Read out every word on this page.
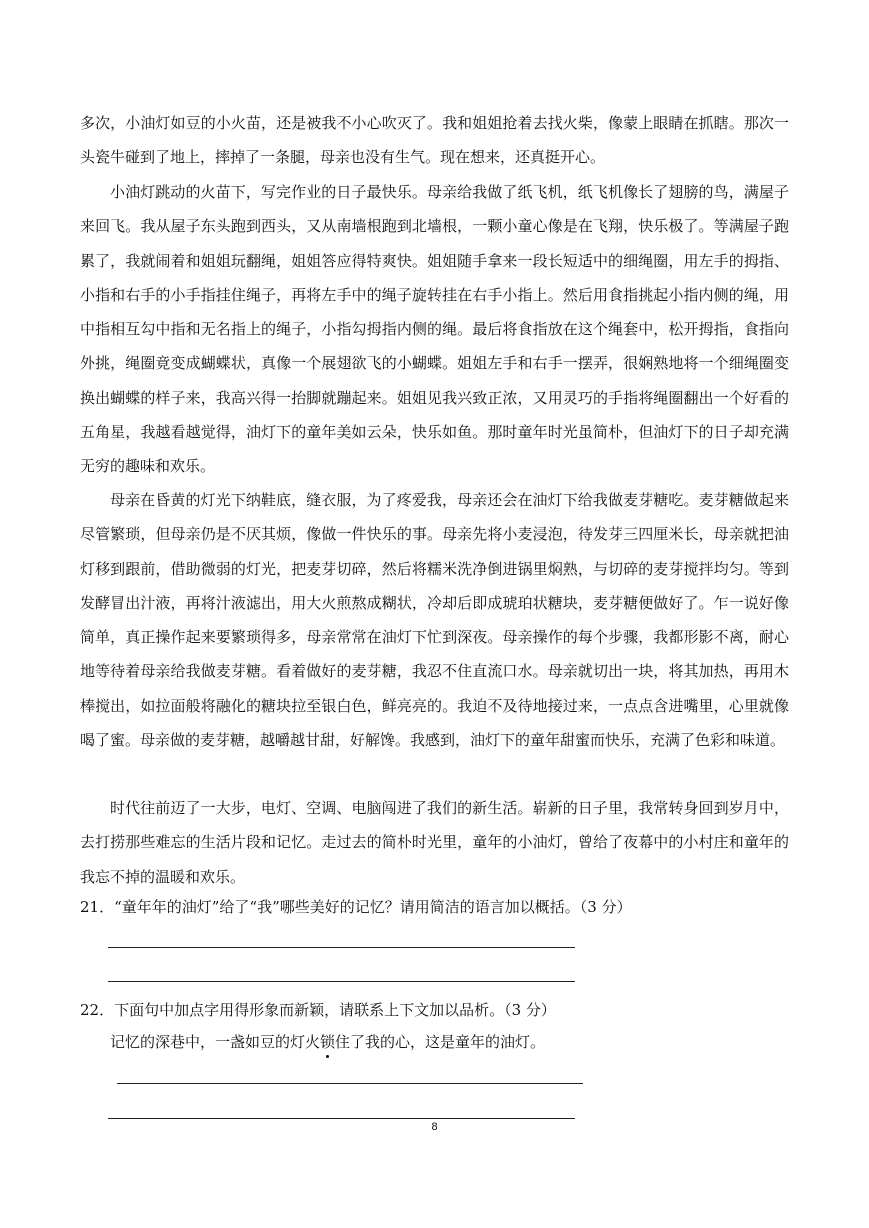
多次，小油灯如豆的小火苗，还是被我不小心吹灭了。我和姐姐抢着去找火柴，像蒙上眼睛在抓瞎。那次一头瓷牛碰到了地上，摔掉了一条腿，母亲也没有生气。现在想来，还真挺开心。

小油灯跳动的火苗下，写完作业的日子最快乐。母亲给我做了纸飞机，纸飞机像长了翅膀的鸟，满屋子来回飞。我从屋子东头跑到西头，又从南墙根跑到北墙根，一颗小童心像是在飞翔，快乐极了。等满屋子跑累了，我就闹着和姐姐玩翻绳，姐姐答应得特爽快。姐姐随手拿来一段长短适中的细绳圈，用左手的拇指、小指和右手的小手指挂住绳子，再将左手中的绳子旋转挂在右手小指上。然后用食指挑起小指内侧的绳，用中指相互勾中指和无名指上的绳子，小指勾拇指内侧的绳。最后将食指放在这个绳套中，松开拇指，食指向外挑，绳圈竟变成蝴蝶状，真像一个展翅欲飞的小蝴蝶。姐姐左手和右手一摆弄，很娴熟地将一个细绳圈变换出蝴蝶的样子来，我高兴得一抬脚就蹦起来。姐姐见我兴致正浓，又用灵巧的手指将绳圈翻出一个好看的五角星，我越看越觉得，油灯下的童年美如云朵，快乐如鱼。那时童年时光虽简朴，但油灯下的日子却充满无穷的趣味和欢乐。

母亲在昏黄的灯光下纳鞋底，缝衣服，为了疼爱我，母亲还会在油灯下给我做麦芽糖吃。麦芽糖做起来尽管繁琐，但母亲仍是不厌其烦，像做一件快乐的事。母亲先将小麦浸泡，待发芽三四厘米长，母亲就把油灯移到跟前，借助微弱的灯光，把麦芽切碎，然后将糯米洗净倒进锅里焖熟，与切碎的麦芽搅拌均匀。等到发酵冒出汁液，再将汁液滤出，用大火煎熬成糊状，冷却后即成琥珀状糖块，麦芽糖便做好了。乍一说好像简单，真正操作起来要繁琐得多，母亲常常在油灯下忙到深夜。母亲操作的每个步骤，我都形影不离，耐心地等待着母亲给我做麦芽糖。看着做好的麦芽糖，我忍不住直流口水。母亲就切出一块，将其加热，再用木棒搅出，如拉面般将融化的糖块拉至银白色，鲜亮亮的。我迫不及待地接过来，一点点含进嘴里，心里就像喝了蜜。母亲做的麦芽糖，越嚼越甘甜，好解馋。我感到，油灯下的童年甜蜜而快乐，充满了色彩和味道。

时代往前迈了一大步，电灯、空调、电脑闯进了我们的新生活。崭新的日子里，我常转身回到岁月中，去打捞那些难忘的生活片段和记忆。走过去的简朴时光里，童年的小油灯，曾给了夜幕中的小村庄和童年的我忘不掉的温暖和欢乐。

21．“童年年的油灯”给了“我”哪些美好的记忆？请用简洁的语言加以概括。（3 分）

22．下面句中加点字用得形象而新颖，请联系上下文加以品析。（3 分）

记忆的深巷中，一盏如豆的灯火锁
住了我的心，这是童年的油灯。

8
